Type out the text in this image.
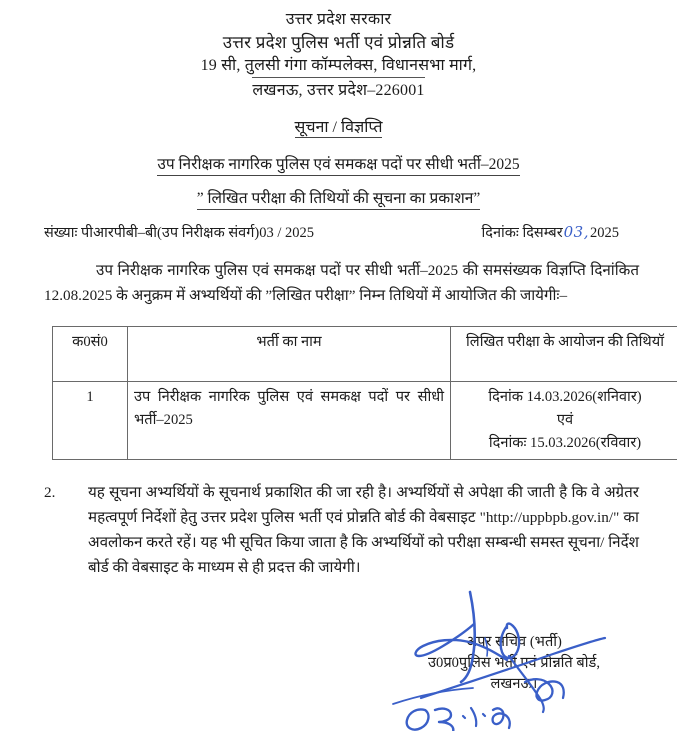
उत्तर प्रदेश सरकार
उत्तर प्रदेश पुलिस भर्ती एवं प्रोन्नति बोर्ड
19 सी, तुलसी गंगा कॉम्पलेक्स, विधानसभा मार्ग,
लखनऊ, उत्तर प्रदेश–226001
सूचना / विज्ञप्ति
उप निरीक्षक नागरिक पुलिस एवं समकक्ष पदों पर सीधी भर्ती–2025
” लिखित परीक्षा की तिथियों की सूचना का प्रकाशन”
संख्याः पीआरपीबी–बी(उप निरीक्षक संवर्ग)03 / 2025	दिनांकः दिसम्बर03,2025
उप निरीक्षक नागरिक पुलिस एवं समकक्ष पदों पर सीधी भर्ती–2025 की समसंख्यक विज्ञप्ति दिनांकित 12.08.2025 के अनुक्रम में अभ्यर्थियों की ”लिखित परीक्षा” निम्न तिथियों में आयोजित की जायेगीः–
क0सं0	भर्ती का नाम	लिखित परीक्षा के आयोजन की तिथियॉ
1	उप निरीक्षक नागरिक पुलिस एवं समकक्ष पदों पर सीधी भर्ती–2025	दिनांक 14.03.2026(शनिवार)
एवं
दिनांकः 15.03.2026(रविवार)
2.	यह सूचना अभ्यर्थियों के सूचनार्थ प्रकाशित की जा रही है। अभ्यर्थियों से अपेक्षा की जाती है कि वे अग्रेतर महत्वपूर्ण निर्देशों हेतु उत्तर प्रदेश पुलिस भर्ती एवं प्रोन्नति बोर्ड की वेबसाइट "http://uppbpb.gov.in/" का अवलोकन करते रहें। यह भी सूचित किया जाता है कि अभ्यर्थियों को परीक्षा सम्बन्धी समस्त सूचना/ निर्देश बोर्ड की वेबसाइट के माध्यम से ही प्रदत्त की जायेगी।
अपर सचिव (भर्ती)
उ0प्र0पुलिस भर्ती एवं प्रोन्नति बोर्ड,
लखनऊ।
